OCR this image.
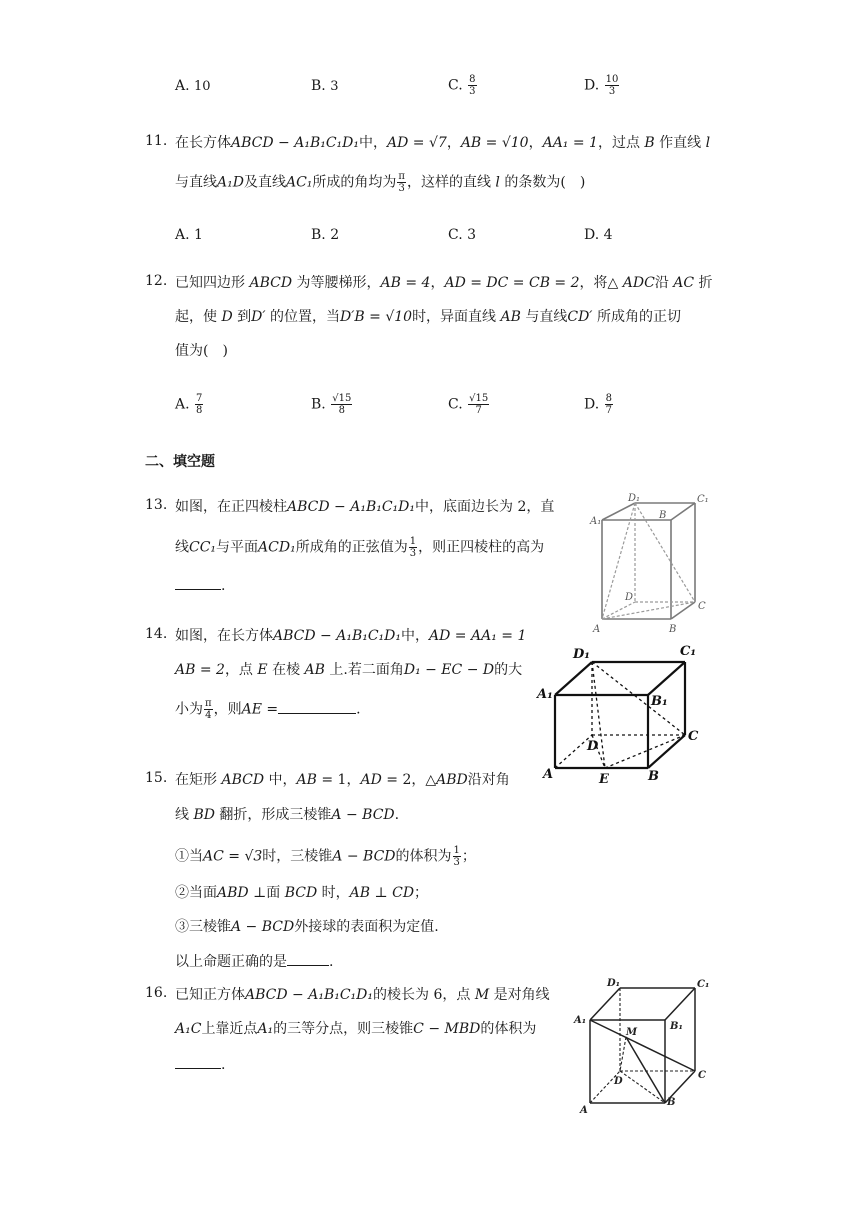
A. 10	B. 3	C. $\frac{8}{3}$	D. $\frac{10}{3}$
11. 在长方体ABCD − A₁B₁C₁D₁中，AD = √7，AB = √10，AA₁ = 1，过点 B 作直线 l
与直线A₁D及直线AC₁所成的角均为 $\frac{\pi}{3}$ ，这样的直线 l 的条数为(　)
A. 1	B. 2	C. 3	D. 4
12. 已知四边形 ABCD 为等腰梯形，AB = 4，AD = DC = CB = 2，将△ ADC沿 AC 折
起，使 D 到D′ 的位置，当D′B = √10时，异面直线 AB 与直线CD′ 所成角的正切
值为(　)
A. $\frac{7}{8}$	B. $\frac{√15}{8}$	C. $\frac{√15}{7}$	D. $\frac{8}{7}$
二、填空题
13. 如图，在正四棱柱ABCD − A₁B₁C₁D₁中，底面边长为 2，直
线CC₁与平面ACD₁所成角的正弦值为 $\frac{1}{3}$ ，则正四棱柱的高为
.
D₁	C₁
A₁
B
D
C
A	B
14. 如图，在长方体ABCD − A₁B₁C₁D₁中，AD = AA₁ = 1
AB = 2，点 E 在棱 AB 上.若二面角D₁ − EC − D的大
小为 $\frac{\pi}{4}$ ，则AE =	.
D₁	C₁
A₁	B₁
D
C
A	E	B
15. 在矩形 ABCD 中，AB = 1，AD = 2，△ABD沿对角
线 BD 翻折，形成三棱锥A − BCD.
①当AC = √3时，三棱锥A − BCD的体积为 $\frac{1}{3}$ ；
②当面ABD ⊥面 BCD 时，AB ⊥ CD；
③三棱锥A − BCD外接球的表面积为定值.
以上命题正确的是	.
16. 已知正方体ABCD − A₁B₁C₁D₁的棱长为 6，点 M 是对角线
A₁C上靠近点A₁的三等分点，则三棱锥C − MBD的体积为
.
D₁	C₁
A₁
B₁
M
D
C
A
B
